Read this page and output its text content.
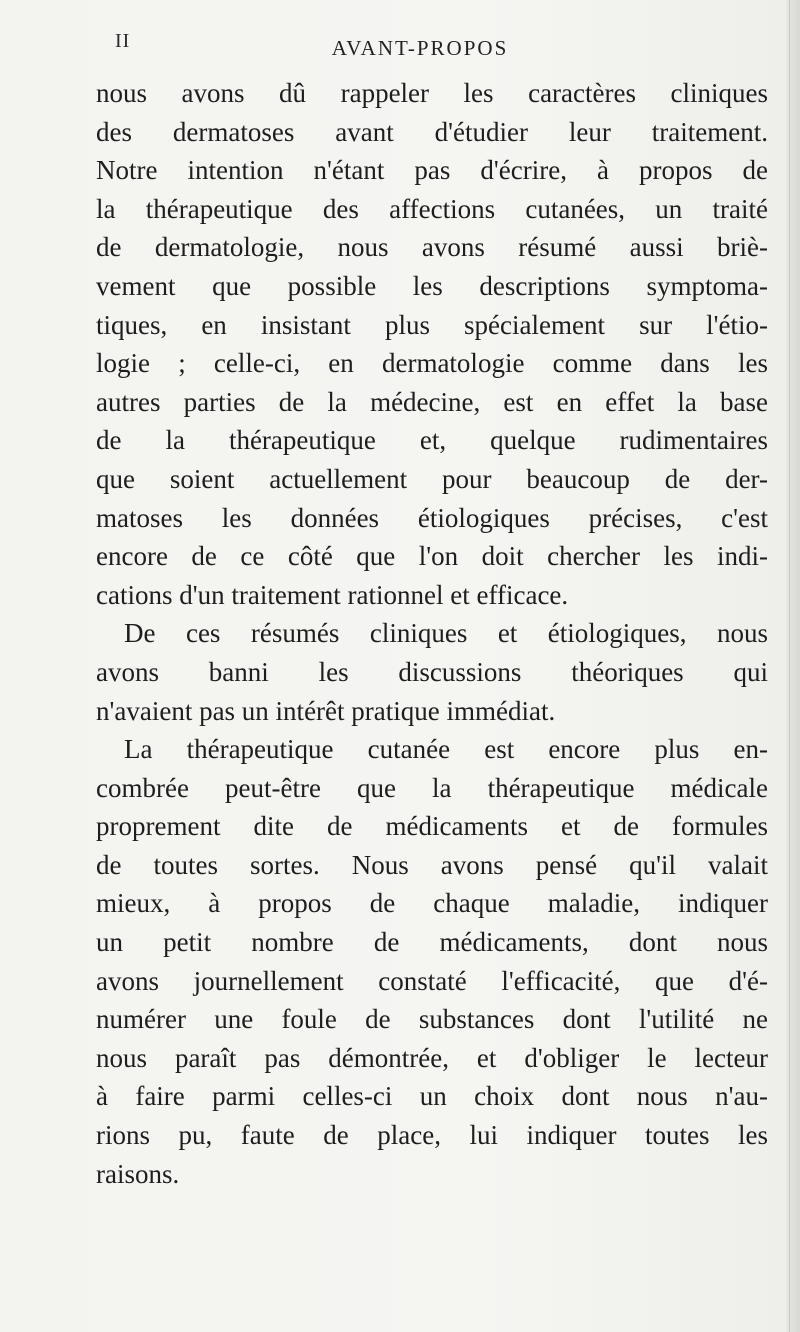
II	AVANT-PROPOS
nous avons dû rappeler les caractères cliniques
des dermatoses avant d'étudier leur traitement.
Notre intention n'étant pas d'écrire, à propos de
la thérapeutique des affections cutanées, un traité
de dermatologie, nous avons résumé aussi briè-
vement que possible les descriptions symptoma-
tiques, en insistant plus spécialement sur l'étio-
logie ; celle-ci, en dermatologie comme dans les
autres parties de la médecine, est en effet la base
de la thérapeutique et, quelque rudimentaires
que soient actuellement pour beaucoup de der-
matoses les données étiologiques précises, c'est
encore de ce côté que l'on doit chercher les indi-
cations d'un traitement rationnel et efficace.
De ces résumés cliniques et étiologiques, nous
avons banni les discussions théoriques qui
n'avaient pas un intérêt pratique immédiat.
La thérapeutique cutanée est encore plus en-
combrée peut-être que la thérapeutique médicale
proprement dite de médicaments et de formules
de toutes sortes. Nous avons pensé qu'il valait
mieux, à propos de chaque maladie, indiquer
un petit nombre de médicaments, dont nous
avons journellement constaté l'efficacité, que d'é-
numérer une foule de substances dont l'utilité ne
nous paraît pas démontrée, et d'obliger le lecteur
à faire parmi celles-ci un choix dont nous n'au-
rions pu, faute de place, lui indiquer toutes les
raisons.
